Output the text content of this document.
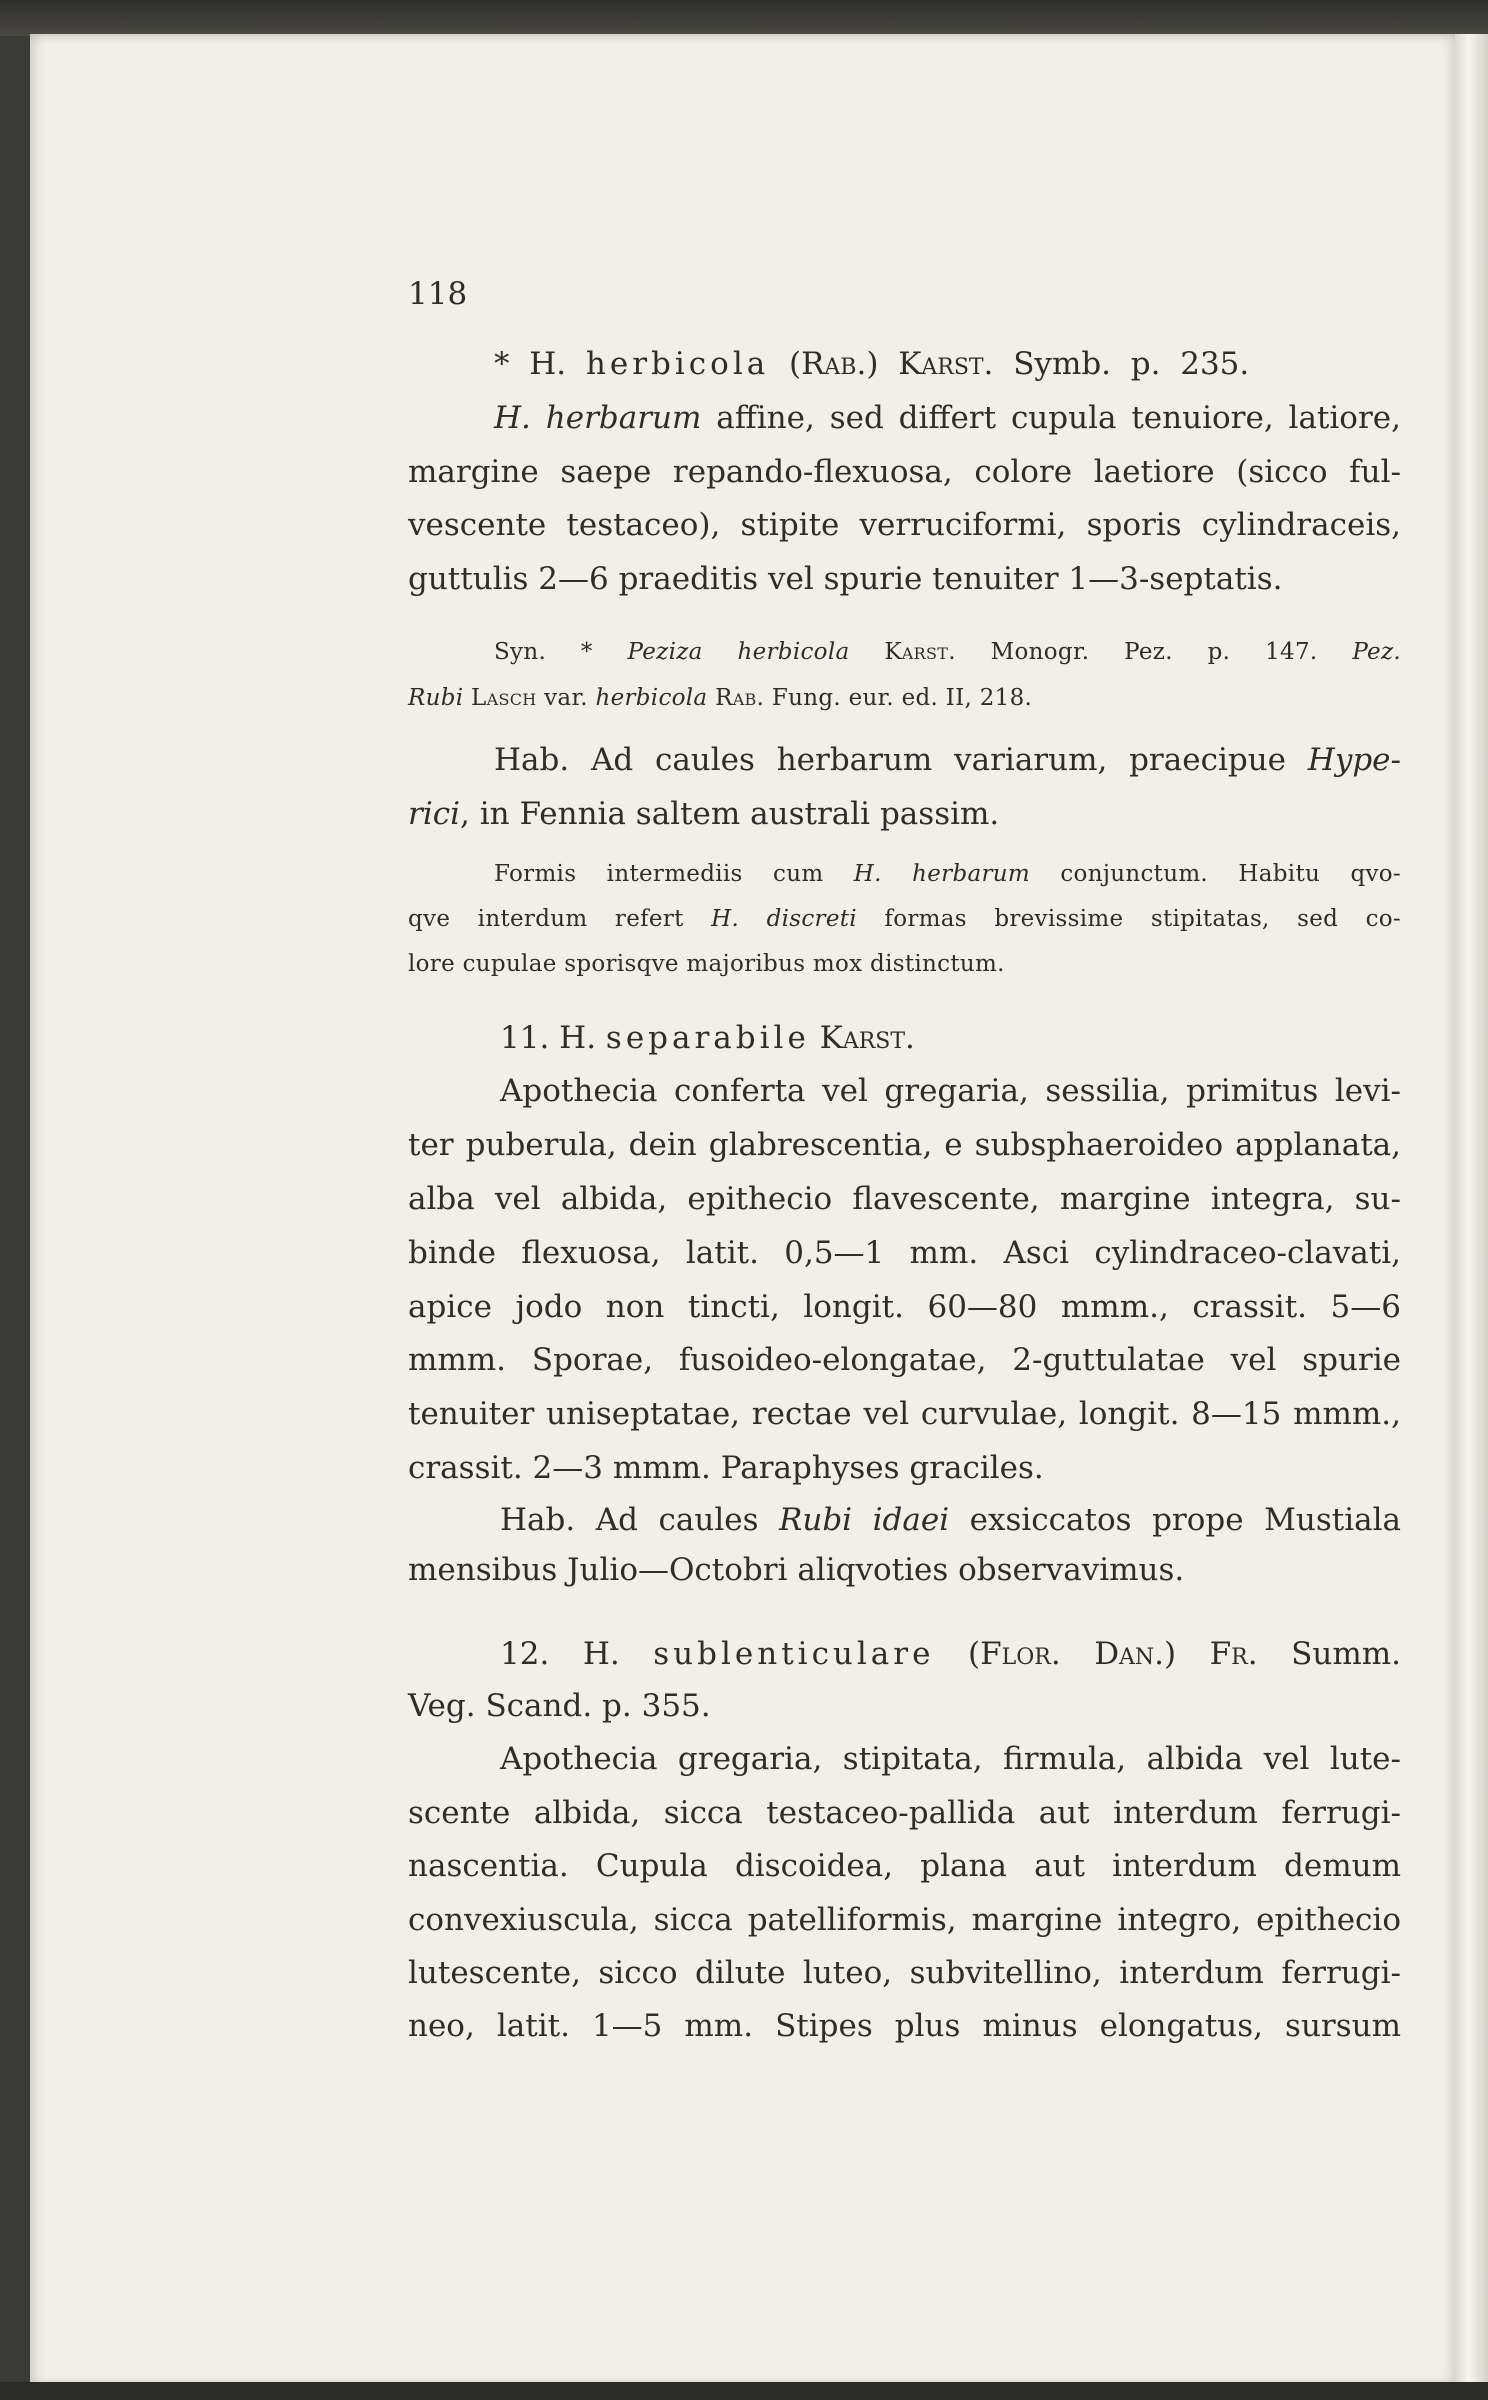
118
* H. herbicola (Rab.) Karst. Symb. p. 235.
H. herbarum affine, sed differt cupula tenuiore, latiore,
margine saepe repando-flexuosa, colore laetiore (sicco ful-
vescente testaceo), stipite verruciformi, sporis cylindraceis,
guttulis 2—6 praeditis vel spurie tenuiter 1—3-septatis.
Syn. * Peziza herbicola Karst. Monogr. Pez. p. 147. Pez.
Rubi Lasch var. herbicola Rab. Fung. eur. ed. II, 218.
Hab. Ad caules herbarum variarum, praecipue Hype-
rici, in Fennia saltem australi passim.
Formis intermediis cum H. herbarum conjunctum. Habitu qvo-
qve interdum refert H. discreti formas brevissime stipitatas, sed co-
lore cupulae sporisqve majoribus mox distinctum.
11. H. separabile Karst.
Apothecia conferta vel gregaria, sessilia, primitus levi-
ter puberula, dein glabrescentia, e subsphaeroideo applanata,
alba vel albida, epithecio flavescente, margine integra, su-
binde flexuosa, latit. 0,5—1 mm. Asci cylindraceo-clavati,
apice jodo non tincti, longit. 60—80 mmm., crassit. 5—6
mmm. Sporae, fusoideo-elongatae, 2-guttulatae vel spurie
tenuiter uniseptatae, rectae vel curvulae, longit. 8—15 mmm.,
crassit. 2—3 mmm. Paraphyses graciles.
Hab. Ad caules Rubi idaei exsiccatos prope Mustiala
mensibus Julio—Octobri aliqvoties observavimus.
12. H. sublenticulare (Flor. Dan.) Fr. Summ.
Veg. Scand. p. 355.
Apothecia gregaria, stipitata, firmula, albida vel lute-
scente albida, sicca testaceo-pallida aut interdum ferrugi-
nascentia. Cupula discoidea, plana aut interdum demum
convexiuscula, sicca patelliformis, margine integro, epithecio
lutescente, sicco dilute luteo, subvitellino, interdum ferrugi-
neo, latit. 1—5 mm. Stipes plus minus elongatus, sursum
